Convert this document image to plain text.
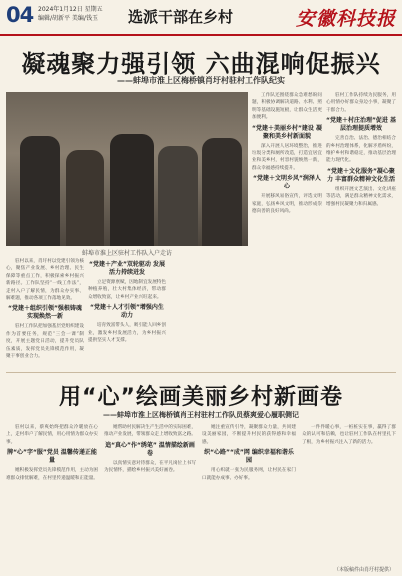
04 2024年1月12日 星期五
编辑/胡新平 美编/钱玉	选派干部在乡村	安徽科技报
凝魂聚力强引领 六曲混响促振兴
——蚌埠市淮上区梅桥镇肖圩村驻村工作队纪实
蚌埠市淮上区驻村工作队入户走访

驻村以来，肖圩村以党建引领为核心，聚焦产业发展、乡村治理、民生保障等重点工作，积极探索乡村振兴新路径。工作队坚持“一线工作法”，走村入户了解民情，为群众办实事、解难题，推动各项工作落地见效。

“党建＋组织引领”强根铸魂 实现焕然一新

驻村工作队把加强基层党组织建设作为首要任务，规范“三会一课”制度，开展主题党日活动，提升党员队伍素质，发挥党员先锋模范作用，凝聚干事创业合力。

“党建＋产业”双轮驱动 发展活力持续迸发

立足资源禀赋，因地制宜发展特色种植养殖，壮大村集体经济，带动群众增收致富，让乡村产业兴旺起来。

“党建＋人才引领”增强内生动力

培育致富带头人，吸引能人回乡创业，激发乡村发展活力，为乡村振兴提供坚实人才支撑。

工作队还围绕群众急难愁盼问题，积极协调解决道路、水利、照明等基础设施短板，让群众生活更加便利。

“党建＋美丽乡村”建设 凝聚和美乡村新面貌

深入开展人居环境整治，推进垃圾分类和厕所改造，打造宜居宜业和美乡村，村容村貌焕然一新，群众幸福感持续提升。

“党建＋文明乡风”润泽人心

开展移风易俗宣传，评选文明家庭，弘扬乡风文明，推动形成崇德向善的良好风尚。

驻村工作队持续为民服务，用心用情办好群众身边小事，凝聚了干群合力。

“党建＋村庄治理”促进 基层治理提质增效

完善自治、法治、德治相结合的乡村治理体系，化解矛盾纠纷，维护乡村和谐稳定，推动基层治理能力现代化。

“党建＋文化服务”凝心聚力 丰富群众精神文化生活

组织开展文艺演出、文化讲座等活动，满足群众精神文化需求，增强村民凝聚力和归属感。

用“心”绘画美丽乡村新画卷
——蚌埠市淮上区梅桥镇肖王村驻村工作队员蔡爽爱心履职侧记

驻村以来，蔡爽始终把群众冷暖放在心上，走村串户了解民情，用心用情为群众办实事。

牌“心”字“服”党员 温馨传递正能量

她积极发挥党员先锋模范作用，主动为困难群众排忧解难，在村里传递温暖和正能量。

她帮助村民解决生产生活中的实际困难，推动产业发展，带领群众走上增收致富之路。

追“真心”作“绣笔” 温情描绘新画卷

以真情实意对待群众，在平凡岗位上书写为民情怀，描绘乡村振兴美好画卷。

她注重宣传引导，凝聚群众力量，共同建设美丽家园，不断提升村民的获得感和幸福感。

织“心路”“成”网 编织幸福和谐乐园

用心织就一张为民服务网，让村民在家门口就能办成事、办好事。

一件件暖心事，一桩桩实在事，赢得了群众的认可和信赖，也让驻村工作队在村里扎下了根，为乡村振兴注入了新的活力。

（本版稿件由肖圩村提供）
